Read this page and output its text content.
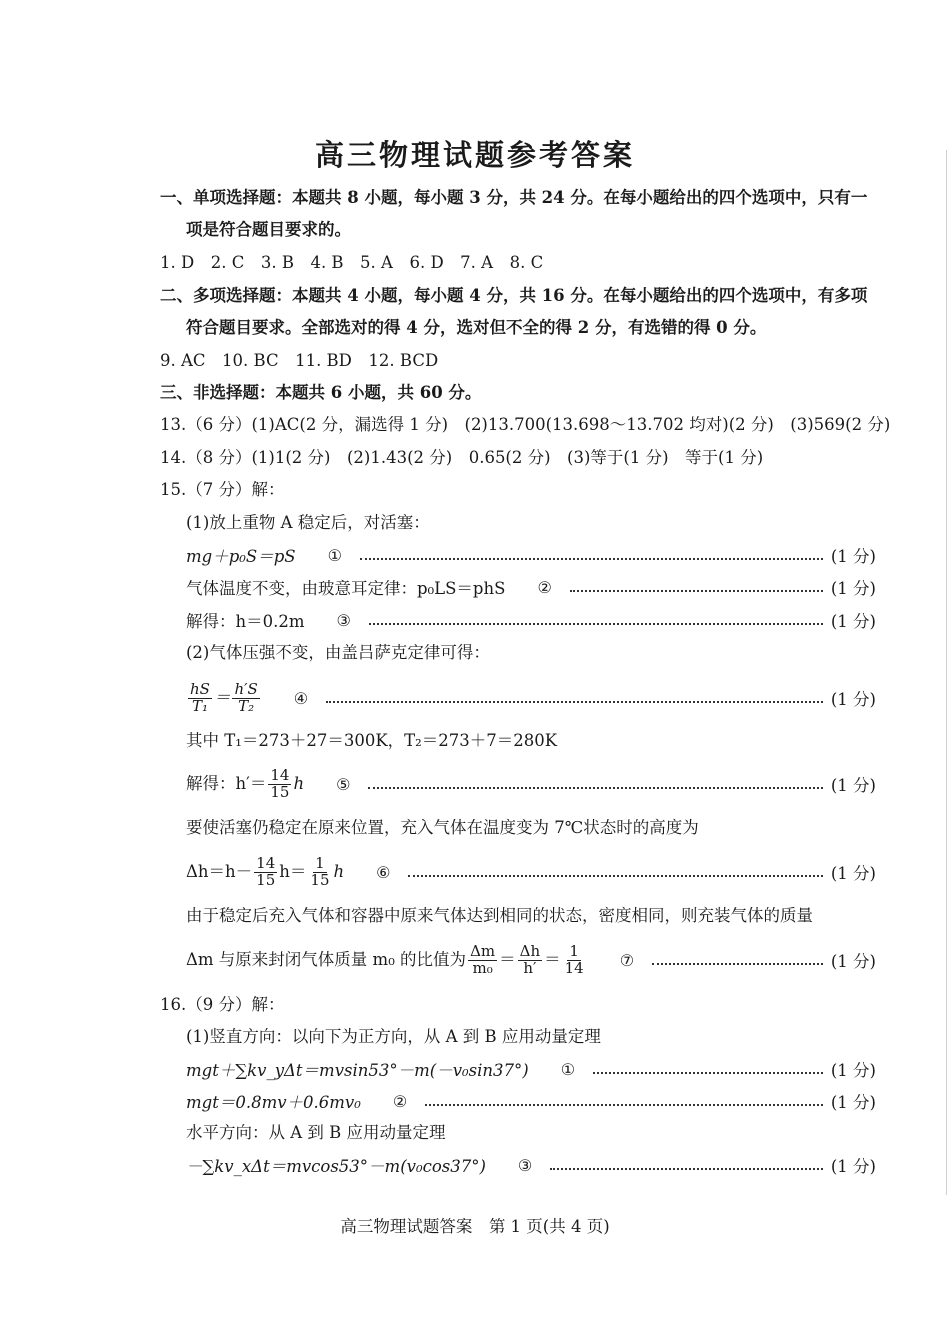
高三物理试题参考答案
一、单项选择题：本题共 8 小题，每小题 3 分，共 24 分。在每小题给出的四个选项中，只有一
项是符合题目要求的。
1. D　2. C　3. B　4. B　5. A　6. D　7. A　8. C
二、多项选择题：本题共 4 小题，每小题 4 分，共 16 分。在每小题给出的四个选项中，有多项
符合题目要求。全部选对的得 4 分，选对但不全的得 2 分，有选错的得 0 分。
9. AC　10. BC　11. BD　12. BCD
三、非选择题：本题共 6 小题，共 60 分。
13.（6 分）(1)AC(2 分，漏选得 1 分)　(2)13.700(13.698～13.702 均对)(2 分)　(3)569(2 分)
14.（8 分）(1)1(2 分)　(2)1.43(2 分)　0.65(2 分)　(3)等于(1 分)　等于(1 分)
15.（7 分）解：
(1)放上重物 A 稳定后，对活塞：
mg＋p₀S＝pS ①	(1 分)
气体温度不变，由玻意耳定律：p₀LS＝phS ②	(1 分)
解得：h＝0.2m ③	(1 分)
(2)气体压强不变，由盖吕萨克定律可得：
$\frac{hS}{\text{T₁}} = \frac{h'S}{\text{T₂}}$ ④	(1 分)
其中 T₁＝273＋27＝300K，T₂＝273＋7＝280K
解得：$h'= \frac{14}{15}$ h ⑤	(1 分)
要使活塞仍稳定在原来位置，充入气体在温度变为 7℃状态时的高度为
$\Delta h=h- \frac{14}{15} h= \frac{1}{15}$ h ⑥	(1 分)
由于稳定后充入气体和容器中原来气体达到相同的状态，密度相同，则充装气体的质量
Δm 与原来封闭气体质量 m₀ 的比值为 $\frac{\Delta m}{\text{m₀}} = \frac{\Delta h}{h'} = \frac{1}{14}$ ⑦	(1 分)
16.（9 分）解：
(1)竖直方向：以向下为正方向，从 A 到 B 应用动量定理
mgt＋∑kv_yΔt＝mvsin53°－m(－v₀sin37°) ①	(1 分)
mgt＝0.8mv＋0.6mv₀ ②	(1 分)
水平方向：从 A 到 B 应用动量定理
－∑kv_xΔt＝mvcos53°－m(v₀cos37°) ③	(1 分)
高三物理试题答案　第 1 页(共 4 页)
